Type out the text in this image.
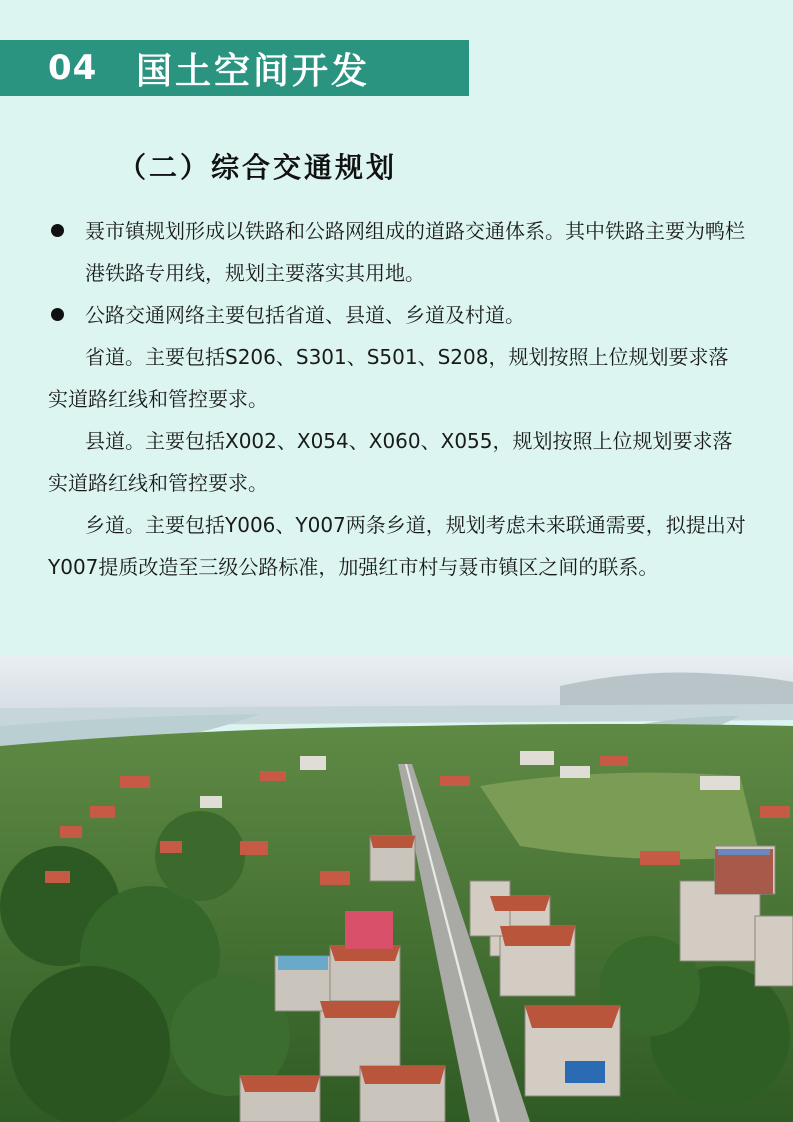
04	国土空间开发
（二）综合交通规划
聂市镇规划形成以铁路和公路网组成的道路交通体系。其中铁路主要为鸭栏港铁路专用线，规划主要落实其用地。
公路交通网络主要包括省道、县道、乡道及村道。
省道。主要包括S206、S301、S501、S208，规划按照上位规划要求落实道路红线和管控要求。
县道。主要包括X002、X054、X060、X055，规划按照上位规划要求落实道路红线和管控要求。
乡道。主要包括Y006、Y007两条乡道，规划考虑未来联通需要，拟提出对Y007提质改造至三级公路标准，加强红市村与聂市镇区之间的联系。
